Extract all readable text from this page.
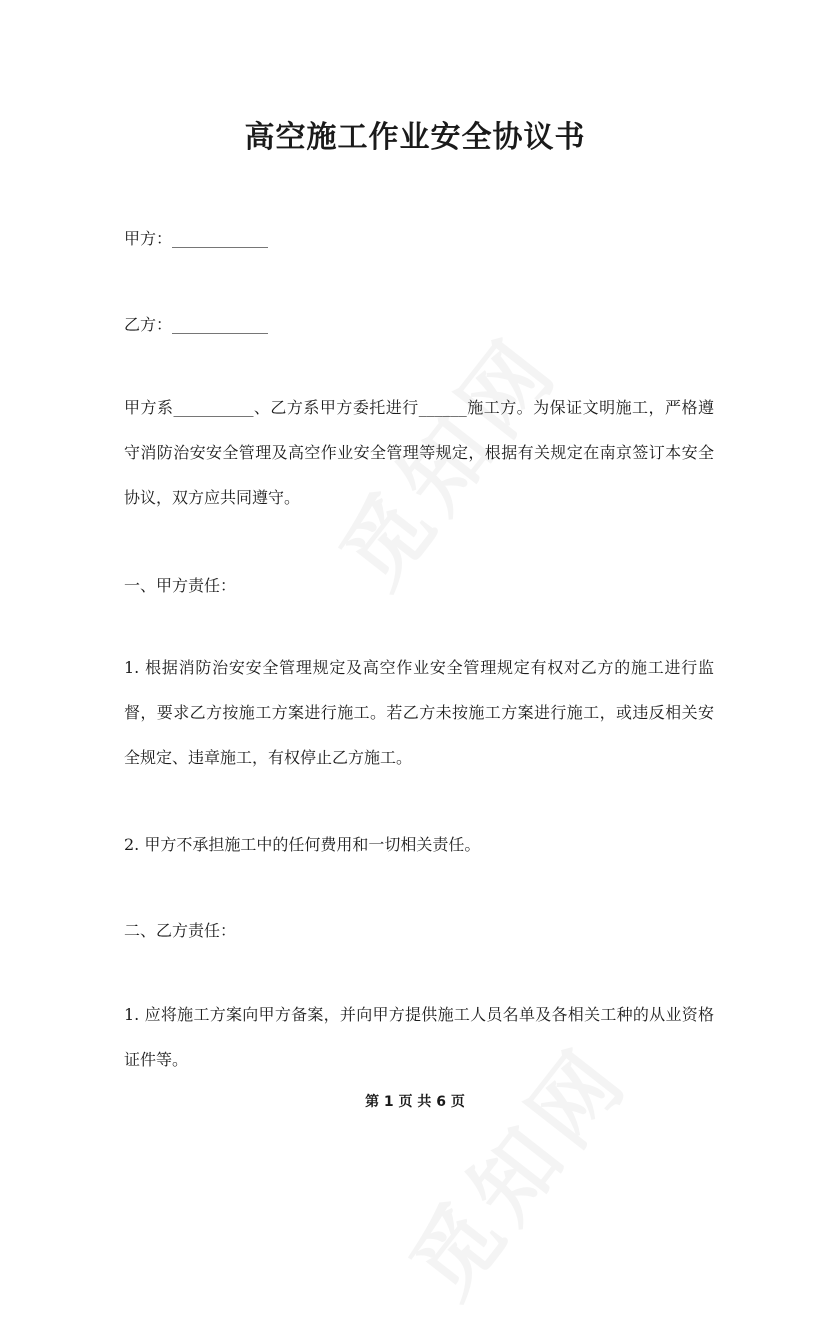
高空施工作业安全协议书

甲方：____________

乙方：____________

甲方系__________、乙方系甲方委托进行______施工方。为保证文明施工，严格遵守消防治安安全管理及高空作业安全管理等规定，根据有关规定在南京签订本安全协议，双方应共同遵守。

一、甲方责任：

1. 根据消防治安安全管理规定及高空作业安全管理规定有权对乙方的施工进行监督，要求乙方按施工方案进行施工。若乙方未按施工方案进行施工，或违反相关安全规定、违章施工，有权停止乙方施工。

2. 甲方不承担施工中的任何费用和一切相关责任。

二、乙方责任：

1. 应将施工方案向甲方备案，并向甲方提供施工人员名单及各相关工种的从业资格证件等。

第 1 页 共 6 页
